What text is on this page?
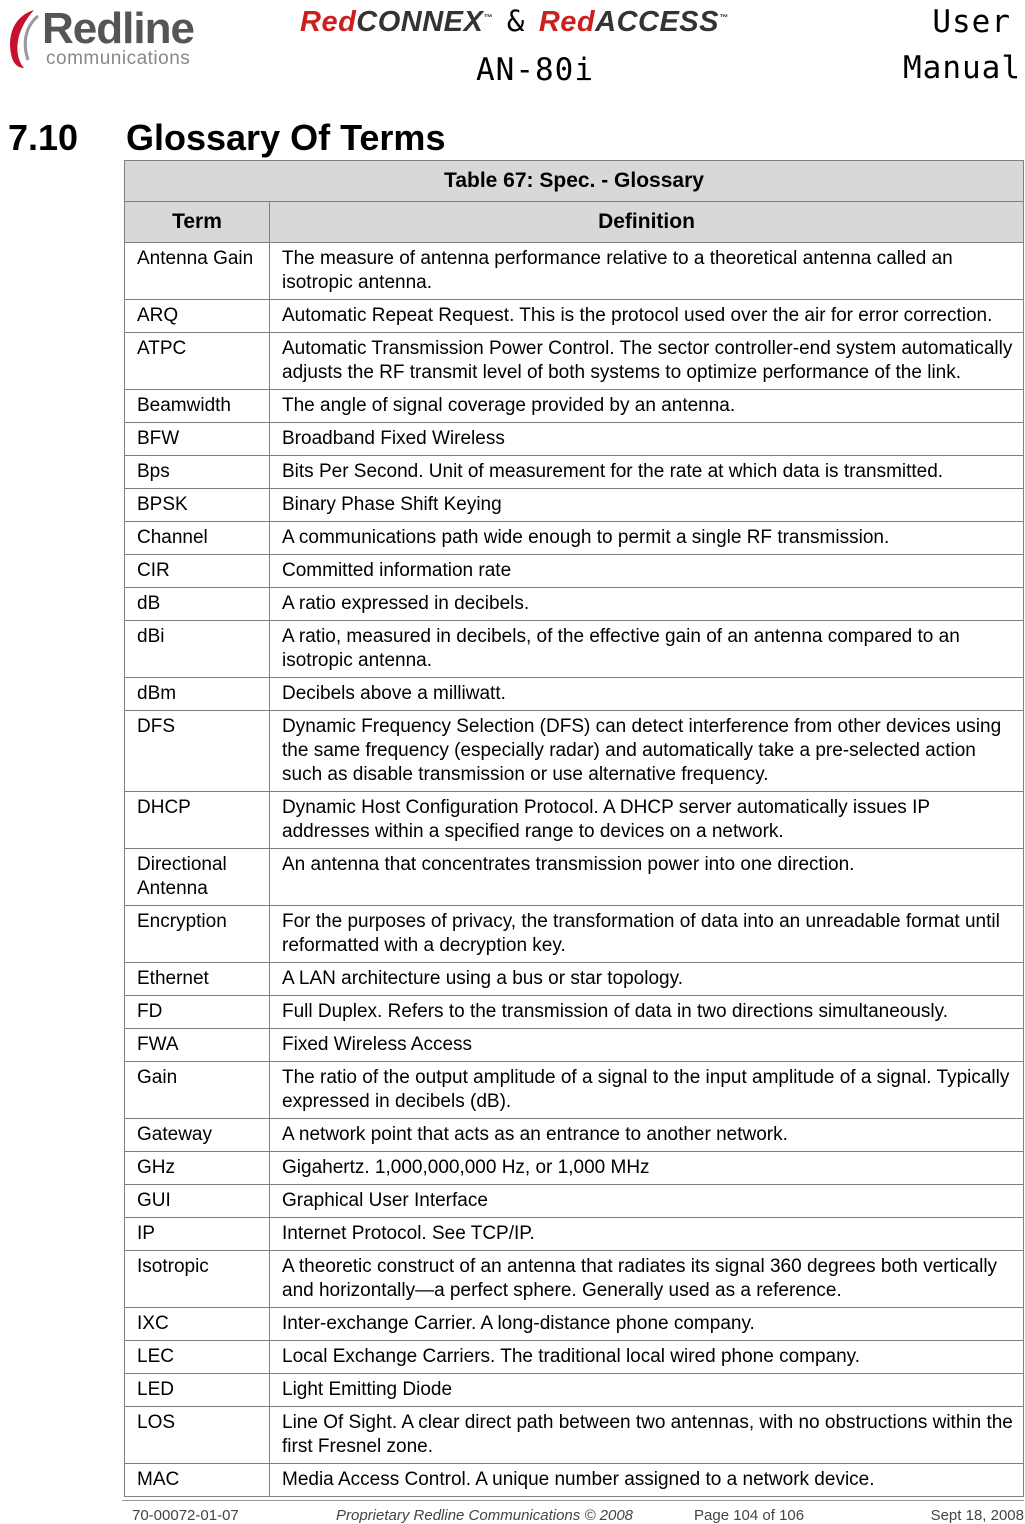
Redline
communications
RedCONNEX™ & RedACCESS™
AN-80i
User
Manual
7.10 Glossary Of Terms
Table 67: Spec. - Glossary	
Term	Definition
Antenna Gain	The measure of antenna performance relative to a theoretical antenna called an isotropic antenna.
ARQ	Automatic Repeat Request. This is the protocol used over the air for error correction.
ATPC	Automatic Transmission Power Control. The sector controller-end system automatically adjusts the RF transmit level of both systems to optimize performance of the link.
Beamwidth	The angle of signal coverage provided by an antenna.
BFW	Broadband Fixed Wireless
Bps	Bits Per Second. Unit of measurement for the rate at which data is transmitted.
BPSK	Binary Phase Shift Keying
Channel	A communications path wide enough to permit a single RF transmission.
CIR	Committed information rate
dB	A ratio expressed in decibels.
dBi	A ratio, measured in decibels, of the effective gain of an antenna compared to an isotropic antenna.
dBm	Decibels above a milliwatt.
DFS	Dynamic Frequency Selection (DFS) can detect interference from other devices using the same frequency (especially radar) and automatically take a pre-selected action such as disable transmission or use alternative frequency.
DHCP	Dynamic Host Configuration Protocol. A DHCP server automatically issues IP addresses within a specified range to devices on a network.
Directional Antenna	An antenna that concentrates transmission power into one direction.
Encryption	For the purposes of privacy, the transformation of data into an unreadable format until reformatted with a decryption key.
Ethernet	A LAN architecture using a bus or star topology.
FD	Full Duplex. Refers to the transmission of data in two directions simultaneously.
FWA	Fixed Wireless Access
Gain	The ratio of the output amplitude of a signal to the input amplitude of a signal. Typically expressed in decibels (dB).
Gateway	A network point that acts as an entrance to another network.
GHz	Gigahertz. 1,000,000,000 Hz, or 1,000 MHz
GUI	Graphical User Interface
IP	Internet Protocol. See TCP/IP.
Isotropic	A theoretic construct of an antenna that radiates its signal 360 degrees both vertically and horizontally—a perfect sphere. Generally used as a reference.
IXC	Inter-exchange Carrier. A long-distance phone company.
LEC	Local Exchange Carriers. The traditional local wired phone company.
LED	Light Emitting Diode
LOS	Line Of Sight. A clear direct path between two antennas, with no obstructions within the first Fresnel zone.
MAC	Media Access Control. A unique number assigned to a network device.
70-00072-01-07	Proprietary Redline Communications © 2008	Page 104 of 106	Sept 18, 2008
